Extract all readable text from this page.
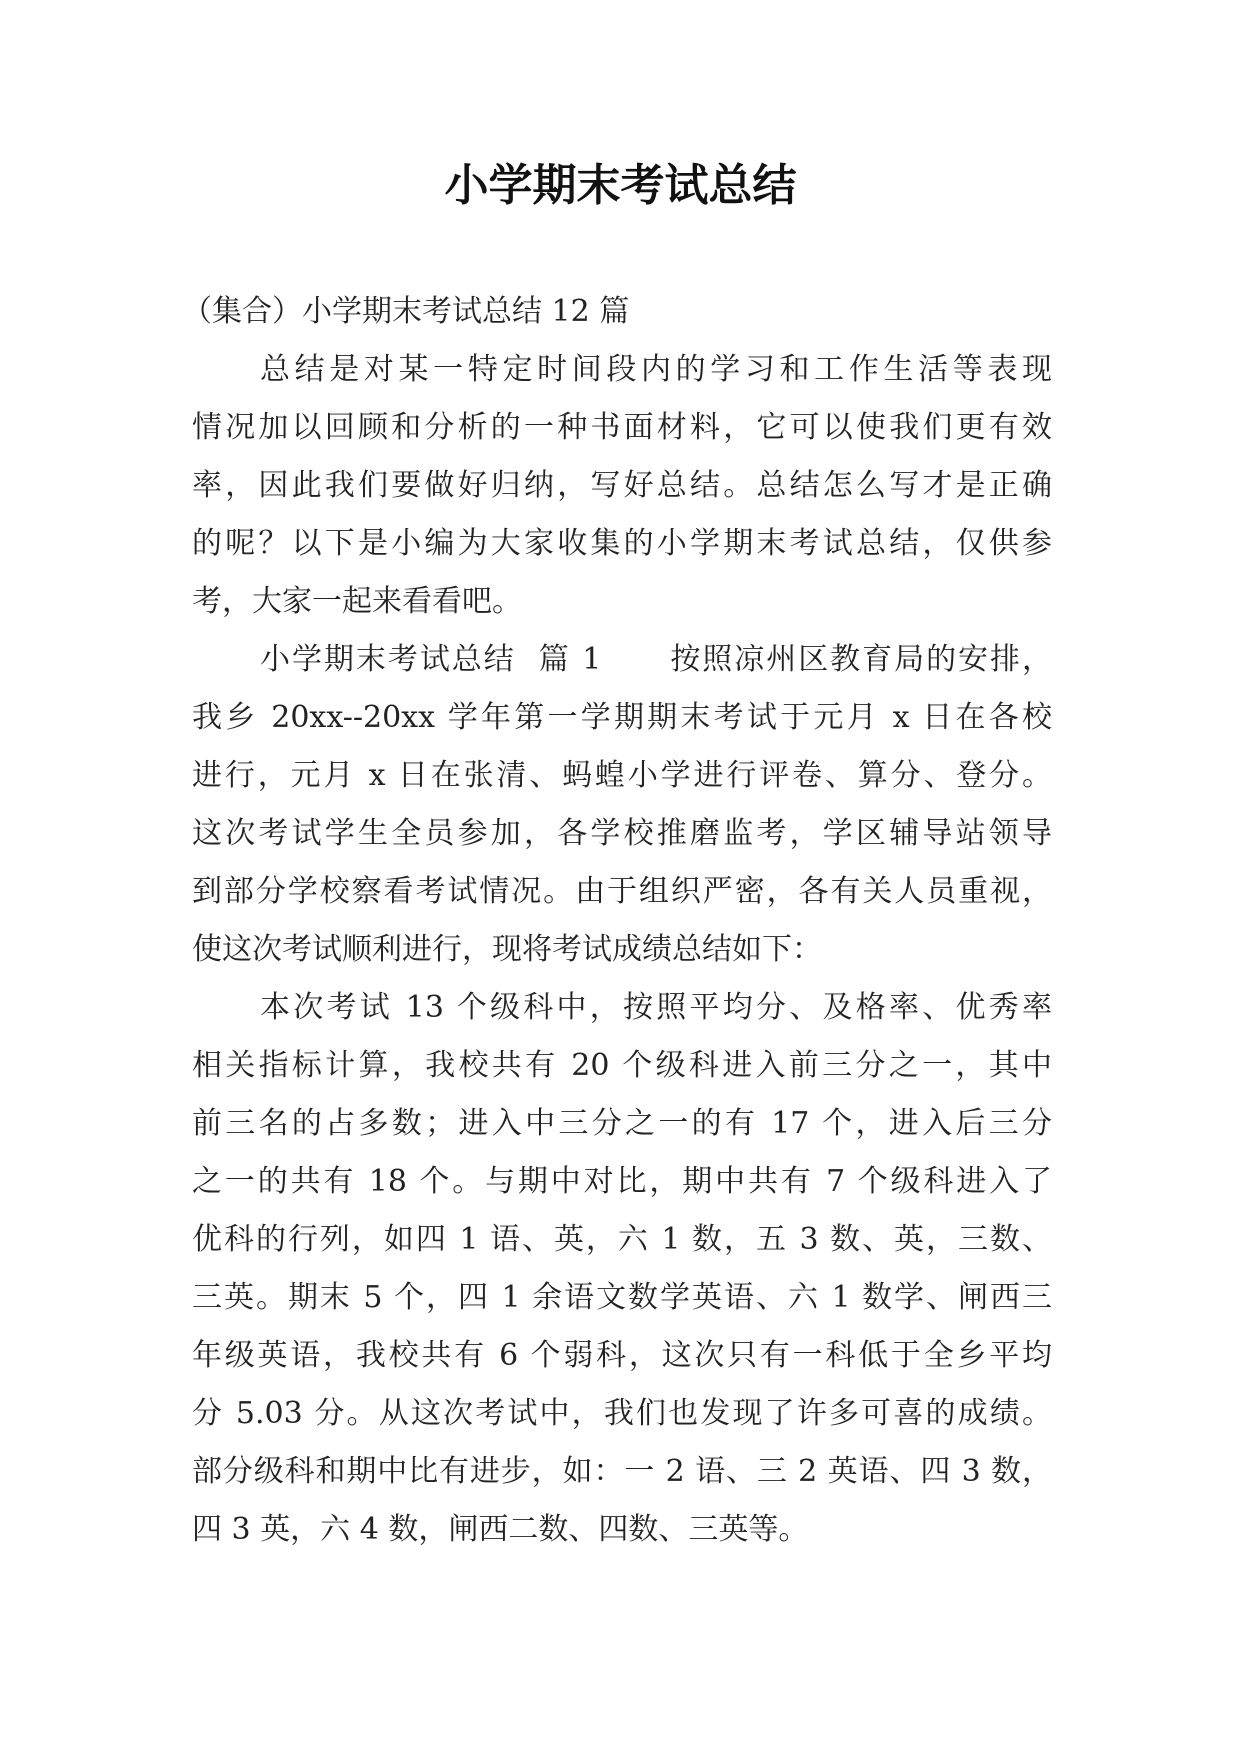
小学期末考试总结
（集合）小学期末考试总结 12 篇
总结是对某一特定时间段内的学习和工作生活等表现
情况加以回顾和分析的一种书面材料，它可以使我们更有效
率，因此我们要做好归纳，写好总结。总结怎么写才是正确
的呢？以下是小编为大家收集的小学期末考试总结，仅供参
考，大家一起来看看吧。
小学期末考试总结  篇 1      按照凉州区教育局的安排，
我乡 20xx--20xx 学年第一学期期末考试于元月 x 日在各校
进行，元月 x 日在张清、蚂蝗小学进行评卷、算分、登分。
这次考试学生全员参加，各学校推磨监考，学区辅导站领导
到部分学校察看考试情况。由于组织严密，各有关人员重视，
使这次考试顺利进行，现将考试成绩总结如下：
本次考试 13 个级科中，按照平均分、及格率、优秀率
相关指标计算，我校共有 20 个级科进入前三分之一，其中
前三名的占多数；进入中三分之一的有 17 个，进入后三分
之一的共有 18 个。与期中对比，期中共有 7 个级科进入了
优科的行列，如四 1 语、英，六 1 数，五 3 数、英，三数、
三英。期末 5 个，四 1 余语文数学英语、六 1 数学、闸西三
年级英语，我校共有 6 个弱科，这次只有一科低于全乡平均
分 5.03 分。从这次考试中，我们也发现了许多可喜的成绩。
部分级科和期中比有进步，如：一 2 语、三 2 英语、四 3 数，
四 3 英，六 4 数，闸西二数、四数、三英等。
